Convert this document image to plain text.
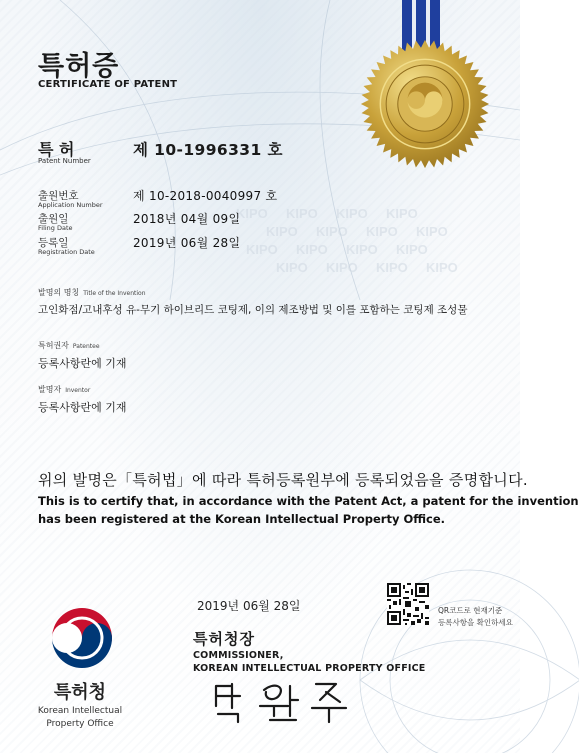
KIPO KIPO KIPO KIPO
KIPO KIPO KIPO KIPO
KIPO KIPO KIPO KIPO
KIPO KIPO KIPO KIPO

특허증

CERTIFICATE OF PATENT

특 허

Patent Number

제 10-1996331 호

출원번호

Application Number

제 10-2018-0040997 호

출원일

Filing Date

2018년 04월 09일

등록일

Registration Date

2019년 06월 28일

발명의 명칭 Title of the Invention

고인화점/고내후성 유-무기 하이브리드 코팅제, 이의 제조방법 및 이를 포함하는 코팅제 조성물

특허권자 Patentee

등록사항란에 기재

발명자 Inventor

등록사항란에 기재

위의 발명은「특허법」에 따라 특허등록원부에 등록되었음을 증명합니다.

This is to certify that, in accordance with the Patent Act, a patent for the invention

has been registered at the Korean Intellectual Property Office.

2019년 06월 28일	QR코드로 현재기준

등록사항을 확인하세요

특허청장

COMMISSIONER,

KOREAN INTELLECTUAL PROPERTY OFFICE

특허청

Korean Intellectual

Property Office
